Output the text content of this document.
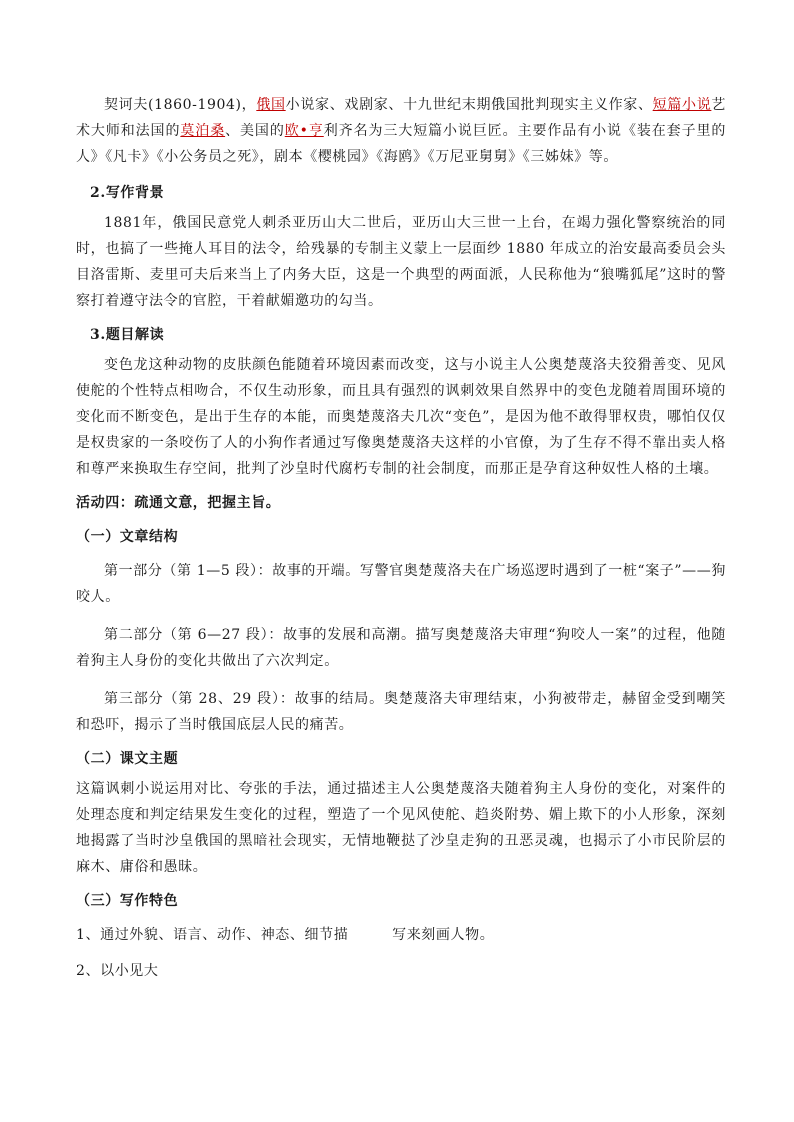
契诃夫(1860-1904)，俄国小说家、戏剧家、十九世纪末期俄国批判现实主义作家、短篇小说艺术大师和法国的莫泊桑、美国的欧•亨利齐名为三大短篇小说巨匠。主要作品有小说《装在套子里的人》《凡卡》《小公务员之死》，剧本《樱桃园》《海鸥》《万尼亚舅舅》《三姊妹》等。

2.写作背景

1881年，俄国民意党人刺杀亚历山大二世后，亚历山大三世一上台，在竭力强化警察统治的同时，也搞了一些掩人耳目的法令，给残暴的专制主义蒙上一层面纱 1880 年成立的治安最高委员会头目洛雷斯、麦里可夫后来当上了内务大臣，这是一个典型的两面派，人民称他为“狼嘴狐尾”这时的警察打着遵守法令的官腔，干着献媚邀功的勾当。

3.题目解读

变色龙这种动物的皮肤颜色能随着环境因素而改变，这与小说主人公奥楚蔑洛夫狡猾善变、见风使舵的个性特点相吻合，不仅生动形象，而且具有强烈的讽刺效果自然界中的变色龙随着周围环境的变化而不断变色，是出于生存的本能，而奥楚蔑洛夫几次“变色”，是因为他不敢得罪权贵，哪怕仅仅是权贵家的一条咬伤了人的小狗作者通过写像奥楚蔑洛夫这样的小官僚，为了生存不得不靠出卖人格和尊严来换取生存空间，批判了沙皇时代腐朽专制的社会制度，而那正是孕育这种奴性人格的土壤。

活动四：疏通文意，把握主旨。

（一）文章结构

第一部分（第 1—5 段）：故事的开端。写警官奥楚蔑洛夫在广场巡逻时遇到了一桩“案子”——狗咬人。

第二部分（第 6—27 段）：故事的发展和高潮。描写奥楚蔑洛夫审理“狗咬人一案”的过程，他随着狗主人身份的变化共做出了六次判定。

第三部分（第 28、29 段）：故事的结局。奥楚蔑洛夫审理结束，小狗被带走，赫留金受到嘲笑和恐吓，揭示了当时俄国底层人民的痛苦。

（二）课文主题

这篇讽刺小说运用对比、夸张的手法，通过描述主人公奥楚蔑洛夫随着狗主人身份的变化，对案件的处理态度和判定结果发生变化的过程，塑造了一个见风使舵、趋炎附势、媚上欺下的小人形象，深刻地揭露了当时沙皇俄国的黑暗社会现实，无情地鞭挞了沙皇走狗的丑恶灵魂，也揭示了小市民阶层的麻木、庸俗和愚昧。

（三）写作特色

1、通过外貌、语言、动作、神态、细节描　　　写来刻画人物。

2、以小见大
